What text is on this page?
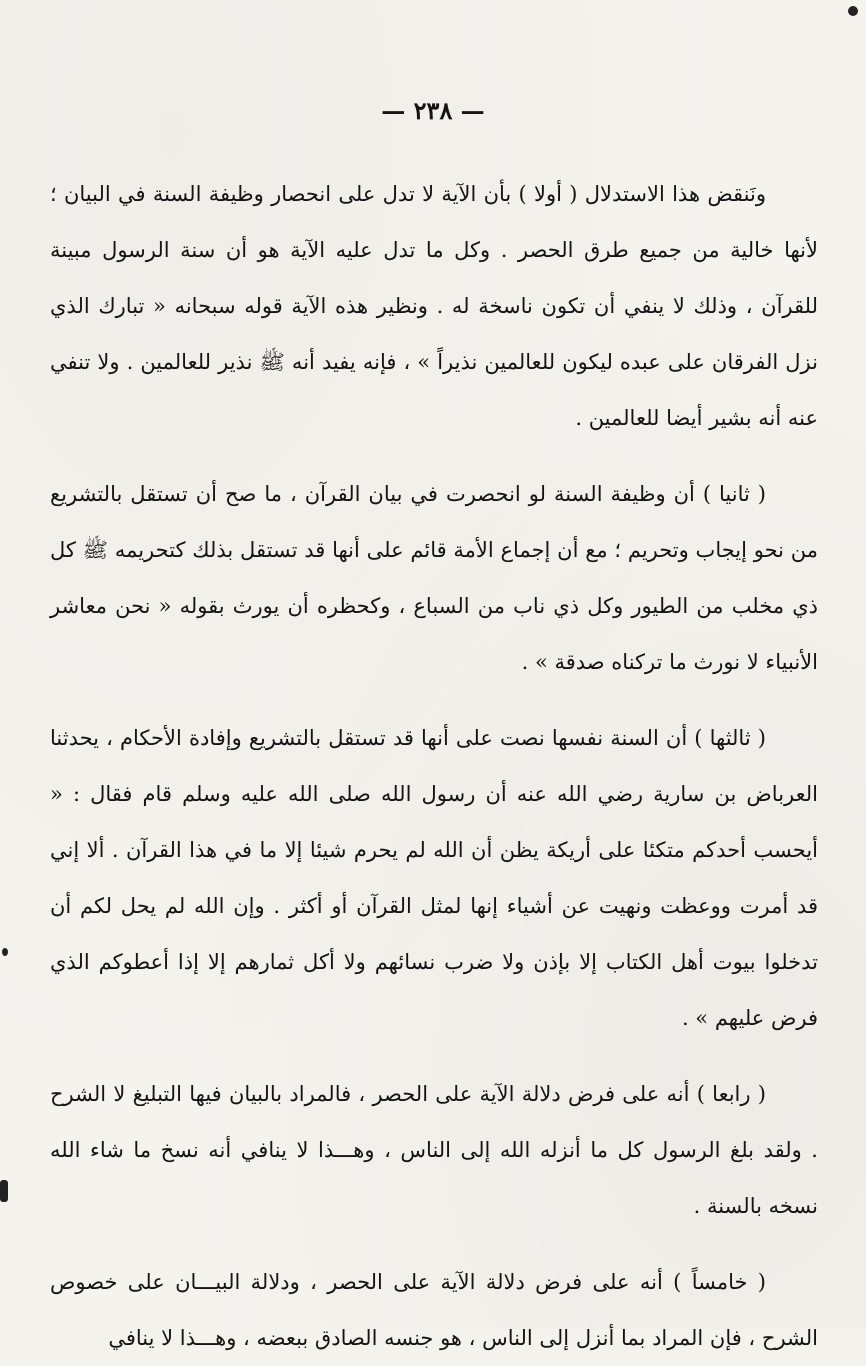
— ٢٣٨ —

ونَنقض هذا الاستدلال ( أولا ) بأن الآية لا تدل على انحصار وظيفة السنة في البيان ؛ لأنها خالية من جميع طرق الحصر . وكل ما تدل عليه الآية هو أن سنة الرسول مبينة للقرآن ، وذلك لا ينفي أن تكون ناسخة له . ونظير هذه الآية قوله سبحانه « تبارك الذي نزل الفرقان على عبده ليكون للعالمين نذيراً » ، فإنه يفيد أنه ﷺ نذير للعالمين . ولا تنفي عنه أنه بشير أيضا للعالمين .

( ثانيا ) أن وظيفة السنة لو انحصرت في بيان القرآن ، ما صح أن تستقل بالتشريع من نحو إيجاب وتحريم ؛ مع أن إجماع الأمة قائم على أنها قد تستقل بذلك كتحريمه ﷺ كل ذي مخلب من الطيور وكل ذي ناب من السباع ، وكحظره أن يورث بقوله « نحن معاشر الأنبياء لا نورث ما تركناه صدقة » .

( ثالثها ) أن السنة نفسها نصت على أنها قد تستقل بالتشريع وإفادة الأحكام ، يحدثنا العرباض بن سارية رضي الله عنه أن رسول الله صلى الله عليه وسلم قام فقال : « أيحسب أحدكم متكئا على أريكة يظن أن الله لم يحرم شيئا إلا ما في هذا القرآن . ألا إني قد أمرت ووعظت ونهيت عن أشياء إنها لمثل القرآن أو أكثر . وإن الله لم يحل لكم أن تدخلوا بيوت أهل الكتاب إلا بإذن ولا ضرب نسائهم ولا أكل ثمارهم إلا إذا أعطوكم الذي فرض عليهم » .

( رابعا ) أنه على فرض دلالة الآية على الحصر ، فالمراد بالبيان فيها التبليغ لا الشرح . ولقد بلغ الرسول كل ما أنزله الله إلى الناس ، وهـــذا لا ينافي أنه نسخ ما شاء الله نسخه بالسنة .

( خامساً ) أنه على فرض دلالة الآية على الحصر ، ودلالة البيـــان على خصوص الشرح ، فإن المراد بما أنزل إلى الناس ، هو جنسه الصادق ببعضه ، وهـــذا لا ينافي
